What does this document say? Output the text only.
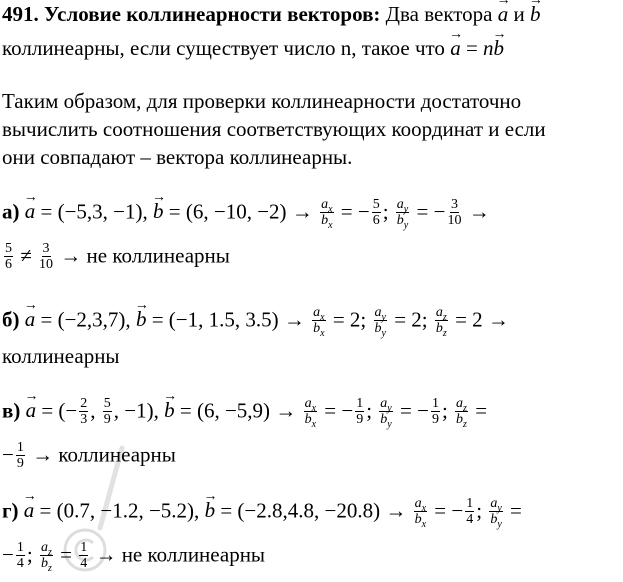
491. Условие коллинеарности векторов: Два вектора → a и → b
коллинеарны, если существует число n, такое что → a = n→ b
Таким образом, для проверки коллинеарности достаточно
вычислить соотношения соответствующих координат и если
они совпадают – вектора коллинеарны.
а) → a = (−5,3, −1), → b = (6, −10, $-2) \to \frac{a_x}{b_x}$ = − $\frac{5}{6}$ ; $\frac{a_y}{b_y}$ = − $\frac{3}{10}$ →
$\frac{5}{6} \ne \frac{3}{10}$ → не коллинеарны
б) → a = (−2,3,7), → b = (−1, 1.5, $3.5) \to \frac{a_x}{b_x} = 2$; $\frac{a_y}{b_y} = 2$; $\frac{a_z}{b_z} = 2$ →
коллинеарны
в) → a = (− $\frac{2}{3}$ , $\frac{5}{9}$ , −1), → b = (6, $-5,9) \to \frac{a_x}{b_x}$ = − $\frac{1}{9}$ ; $\frac{a_y}{b_y}$ = − $\frac{1}{9}$ ; $\frac{a_z}{b_z}$ =
− $\frac{1}{9}$ → коллинеарны
г) → a = (0.7, −1.2, −5.2), → b = (−2.8,4.8, $-20.8) \to \frac{a_x}{b_x}$ = − $\frac{1}{4}$ ; $\frac{a_y}{b_y}$ =
− $\frac{1}{4}$ ; $\frac{a_z}{b_z} = \frac{1}{4}$ → не коллинеарны
